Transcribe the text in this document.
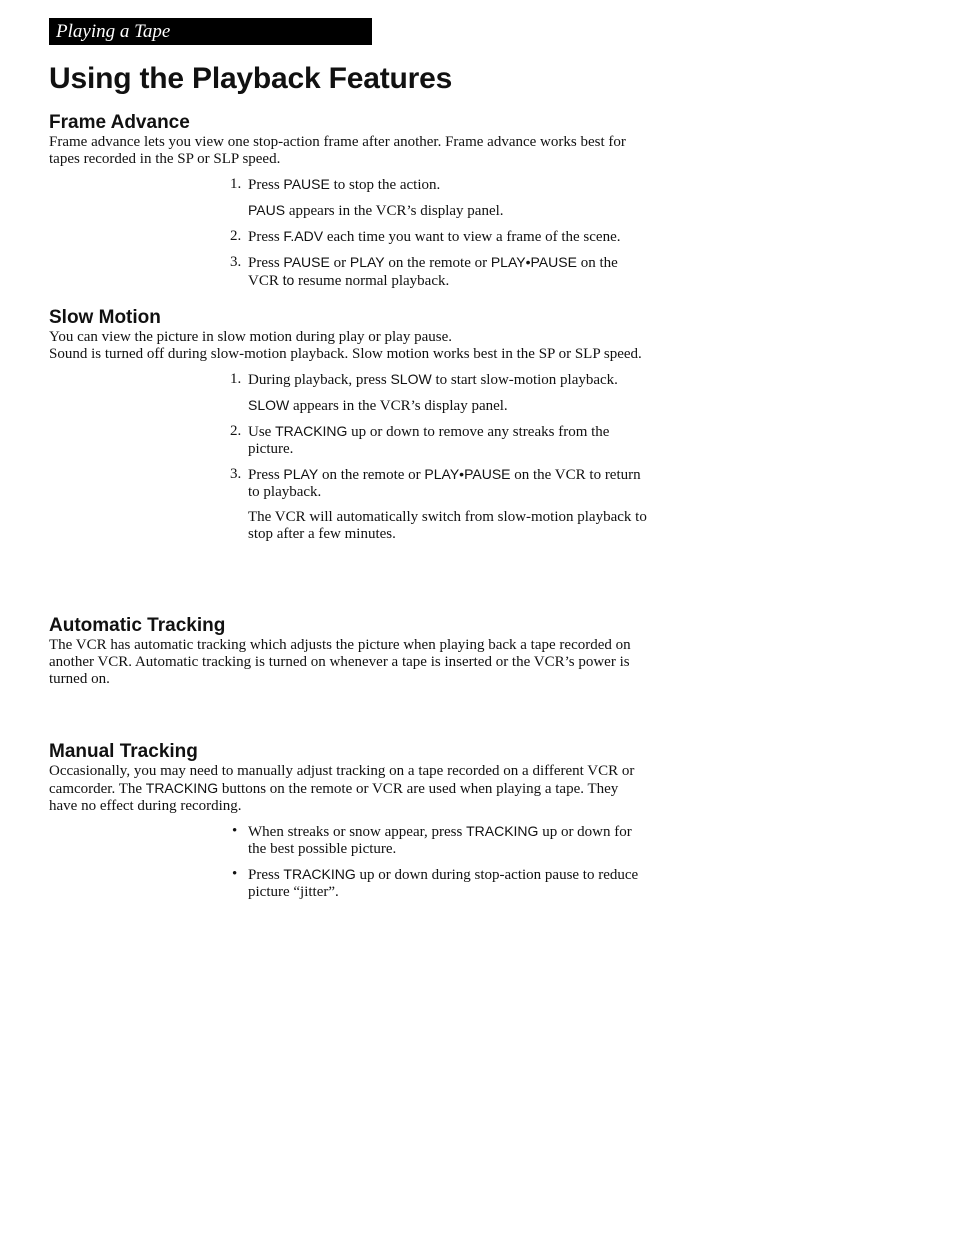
Playing a Tape
Using the Playback Features
Frame Advance

Frame advance lets you view one stop-action frame after another. Frame advance works best for tapes recorded in the SP or SLP speed.

1. Press PAUSE to stop the action.
PAUS appears in the VCR’s display panel.
2. Press F.ADV each time you want to view a frame of the scene.
3. Press PAUSE or PLAY on the remote or PLAY•PAUSE on the VCR to resume normal playback.
Slow Motion

You can view the picture in slow motion during play or play pause.

Sound is turned off during slow-motion playback. Slow motion works best in the SP or SLP speed.

1. During playback, press SLOW to start slow-motion playback.
SLOW appears in the VCR’s display panel.
2. Use TRACKING up or down to remove any streaks from the picture.
3. Press PLAY on the remote or PLAY•PAUSE on the VCR to return to playback.
The VCR will automatically switch from slow-motion playback to stop after a few minutes.
Automatic Tracking

The VCR has automatic tracking which adjusts the picture when playing back a tape recorded on another VCR. Automatic tracking is turned on whenever a tape is inserted or the VCR’s power is turned on.

Manual Tracking

Occasionally, you may need to manually adjust tracking on a tape recorded on a different VCR or camcorder. The TRACKING buttons on the remote or VCR are used when playing a tape. They have no effect during recording.

• When streaks or snow appear, press TRACKING up or down for the best possible picture.
• Press TRACKING up or down during stop-action pause to reduce picture “jitter”.
